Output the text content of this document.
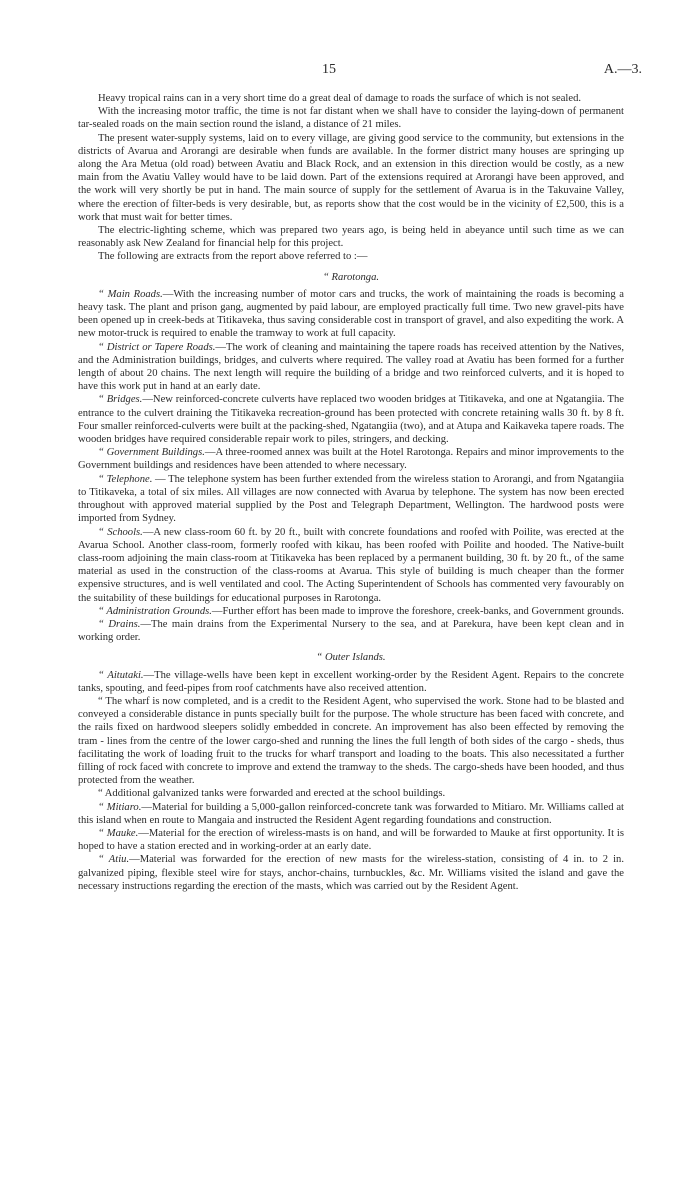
15	A.—3.

Heavy tropical rains can in a very short time do a great deal of damage to roads the surface of which is not sealed.

With the increasing motor traffic, the time is not far distant when we shall have to consider the laying-down of permanent tar-sealed roads on the main section round the island, a distance of 21 miles.

The present water-supply systems, laid on to every village, are giving good service to the community, but extensions in the districts of Avarua and Arorangi are desirable when funds are available. In the former district many houses are springing up along the Ara Metua (old road) between Avatiu and Black Rock, and an extension in this direction would be costly, as a new main from the Avatiu Valley would have to be laid down. Part of the extensions required at Arorangi have been approved, and the work will very shortly be put in hand. The main source of supply for the settlement of Avarua is in the Takuvaine Valley, where the erection of filter-beds is very desirable, but, as reports show that the cost would be in the vicinity of £2,500, this is a work that must wait for better times.

The electric-lighting scheme, which was prepared two years ago, is being held in abeyance until such time as we can reasonably ask New Zealand for financial help for this project.

The following are extracts from the report above referred to :—

“ Rarotonga.

“ Main Roads.—With the increasing number of motor cars and trucks, the work of maintaining the roads is becoming a heavy task. The plant and prison gang, augmented by paid labour, are employed practically full time. Two new gravel-pits have been opened up in creek-beds at Titikaveka, thus saving considerable cost in transport of gravel, and also expediting the work. A new motor-truck is required to enable the tramway to work at full capacity.

“ District or Tapere Roads.—The work of cleaning and maintaining the tapere roads has received attention by the Natives, and the Administration buildings, bridges, and culverts where required. The valley road at Avatiu has been formed for a further length of about 20 chains. The next length will require the building of a bridge and two reinforced culverts, and it is hoped to have this work put in hand at an early date.

“ Bridges.—New reinforced-concrete culverts have replaced two wooden bridges at Titikaveka, and one at Ngatangiia. The entrance to the culvert draining the Titikaveka recreation-ground has been protected with concrete retaining walls 30 ft. by 8 ft. Four smaller reinforced-culverts were built at the packing-shed, Ngatangiia (two), and at Atupa and Kaikaveka tapere roads. The wooden bridges have required considerable repair work to piles, stringers, and decking.

“ Government Buildings.—A three-roomed annex was built at the Hotel Rarotonga. Repairs and minor improvements to the Government buildings and residences have been attended to where necessary.

“ Telephone. — The telephone system has been further extended from the wireless station to Arorangi, and from Ngatangiia to Titikaveka, a total of six miles. All villages are now connected with Avarua by telephone. The system has now been erected throughout with approved material supplied by the Post and Telegraph Department, Wellington. The hardwood posts were imported from Sydney.

“ Schools.—A new class-room 60 ft. by 20 ft., built with concrete foundations and roofed with Poilite, was erected at the Avarua School. Another class-room, formerly roofed with kikau, has been roofed with Poilite and hooded. The Native-built class-room adjoining the main class-room at Titikaveka has been replaced by a permanent building, 30 ft. by 20 ft., of the same material as used in the construction of the class-rooms at Avarua. This style of building is much cheaper than the former expensive structures, and is well ventilated and cool. The Acting Superintendent of Schools has commented very favourably on the suitability of these buildings for educational purposes in Rarotonga.

“ Administration Grounds.—Further effort has been made to improve the foreshore, creek-banks, and Government grounds.

“ Drains.—The main drains from the Experimental Nursery to the sea, and at Parekura, have been kept clean and in working order.

“ Outer Islands.

“ Aitutaki.—The village-wells have been kept in excellent working-order by the Resident Agent. Repairs to the concrete tanks, spouting, and feed-pipes from roof catchments have also received attention.

“ The wharf is now completed, and is a credit to the Resident Agent, who supervised the work. Stone had to be blasted and conveyed a considerable distance in punts specially built for the purpose. The whole structure has been faced with concrete, and the rails fixed on hardwood sleepers solidly embedded in concrete. An improvement has also been effected by removing the tram - lines from the centre of the lower cargo-shed and running the lines the full length of both sides of the cargo - sheds, thus facilitating the work of loading fruit to the trucks for wharf transport and loading to the boats. This also necessitated a further filling of rock faced with concrete to improve and extend the tramway to the sheds. The cargo-sheds have been hooded, and thus protected from the weather.

“ Additional galvanized tanks were forwarded and erected at the school buildings.

“ Mitiaro.—Material for building a 5,000-gallon reinforced-concrete tank was forwarded to Mitiaro. Mr. Williams called at this island when en route to Mangaia and instructed the Resident Agent regarding foundations and construction.

“ Mauke.—Material for the erection of wireless-masts is on hand, and will be forwarded to Mauke at first opportunity. It is hoped to have a station erected and in working-order at an early date.

“ Atiu.—Material was forwarded for the erection of new masts for the wireless-station, consisting of 4 in. to 2 in. galvanized piping, flexible steel wire for stays, anchor-chains, turnbuckles, &c. Mr. Williams visited the island and gave the necessary instructions regarding the erection of the masts, which was carried out by the Resident Agent.
